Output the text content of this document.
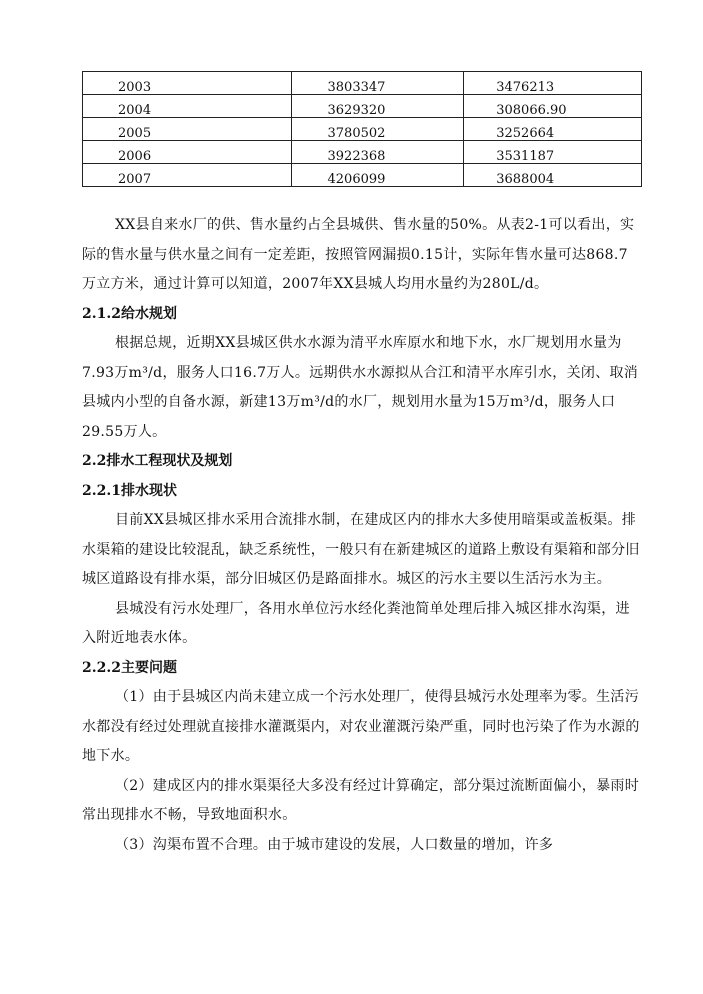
2003	3803347	3476213
2004	3629320	308066.90
2005	3780502	3252664
2006	3922368	3531187
2007	4206099	3688004

XX县自来水厂的供、售水量约占全县城供、售水量的50%。从表2-1可以看出，实际的售水量与供水量之间有一定差距，按照管网漏损0.15计，实际年售水量可达868.7万立方米，通过计算可以知道，2007年XX县城人均用水量约为280L/d。

2.1.2给水规划

根据总规，近期XX县城区供水水源为清平水库原水和地下水，水厂规划用水量为7.93万m³/d，服务人口16.7万人。远期供水水源拟从合江和清平水库引水，关闭、取消县城内小型的自备水源，新建13万m³/d的水厂，规划用水量为15万m³/d，服务人口29.55万人。

2.2排水工程现状及规划
2.2.1排水现状

目前XX县城区排水采用合流排水制，在建成区内的排水大多使用暗渠或盖板渠。排水渠箱的建设比较混乱，缺乏系统性，一般只有在新建城区的道路上敷设有渠箱和部分旧城区道路设有排水渠，部分旧城区仍是路面排水。城区的污水主要以生活污水为主。

县城没有污水处理厂，各用水单位污水经化粪池简单处理后排入城区排水沟渠，进入附近地表水体。

2.2.2主要问题

（1）由于县城区内尚未建立成一个污水处理厂，使得县城污水处理率为零。生活污水都没有经过处理就直接排水灌溉渠内，对农业灌溉污染严重，同时也污染了作为水源的地下水。

（2）建成区内的排水渠渠径大多没有经过计算确定，部分渠过流断面偏小，暴雨时常出现排水不畅，导致地面积水。

（3）沟渠布置不合理。由于城市建设的发展，人口数量的增加，许多
